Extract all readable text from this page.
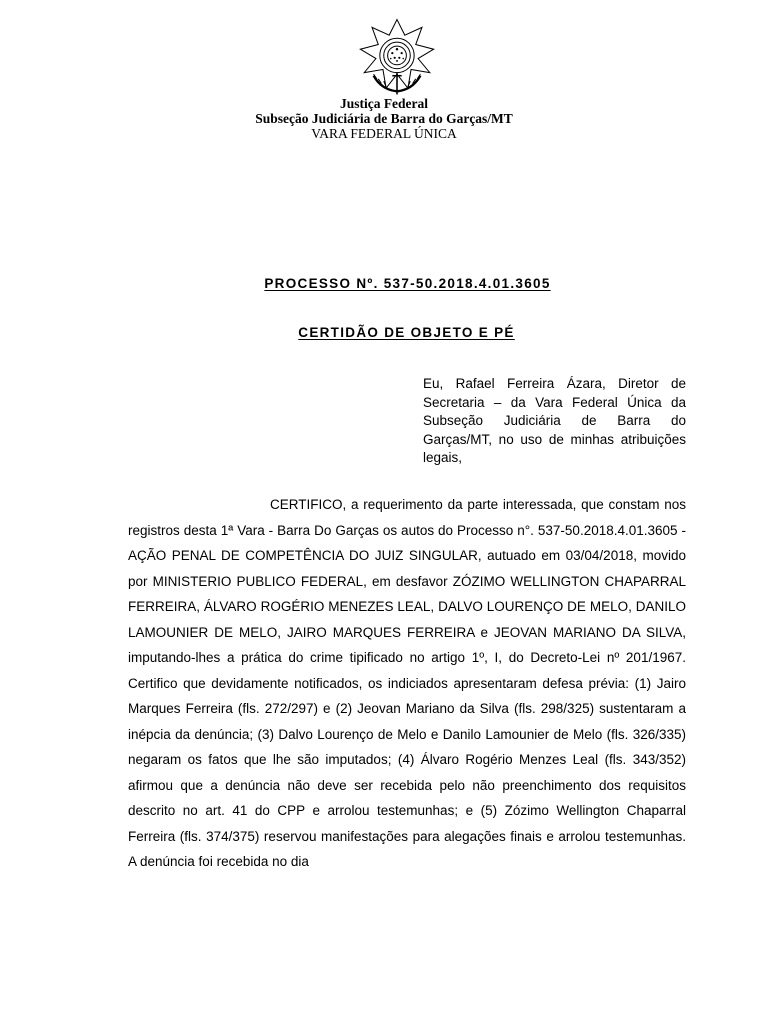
Justiça Federal
Subseção Judiciária de Barra do Garças/MT
VARA FEDERAL ÚNICA
PROCESSO Nº. 537-50.2018.4.01.3605
CERTIDÃO DE OBJETO E PÉ
Eu, Rafael Ferreira Ázara, Diretor de Secretaria – da Vara Federal Única da Subseção Judiciária de Barra do Garças/MT, no uso de minhas atribuições legais,

CERTIFICO, a requerimento da parte interessada, que constam nos registros desta 1ª Vara - Barra Do Garças os autos do Processo n°. 537-50.2018.4.01.3605 - AÇÃO PENAL DE COMPETÊNCIA DO JUIZ SINGULAR, autuado em 03/04/2018, movido por MINISTERIO PUBLICO FEDERAL, em desfavor ZÓZIMO WELLINGTON CHAPARRAL FERREIRA, ÁLVARO ROGÉRIO MENEZES LEAL, DALVO LOURENÇO DE MELO, DANILO LAMOUNIER DE MELO, JAIRO MARQUES FERREIRA e JEOVAN MARIANO DA SILVA, imputando-lhes a prática do crime tipificado no artigo 1º, I, do Decreto-Lei nº 201/1967. Certifico que devidamente notificados, os indiciados apresentaram defesa prévia: (1) Jairo Marques Ferreira (fls. 272/297) e (2) Jeovan Mariano da Silva (fls. 298/325) sustentaram a inépcia da denúncia; (3) Dalvo Lourenço de Melo e Danilo Lamounier de Melo (fls. 326/335) negaram os fatos que lhe são imputados; (4) Álvaro Rogério Menzes Leal (fls. 343/352) afirmou que a denúncia não deve ser recebida pelo não preenchimento dos requisitos descrito no art. 41 do CPP e arrolou testemunhas; e (5) Zózimo Wellington Chaparral Ferreira (fls. 374/375) reservou manifestações para alegações finais e arrolou testemunhas. A denúncia foi recebida no dia
